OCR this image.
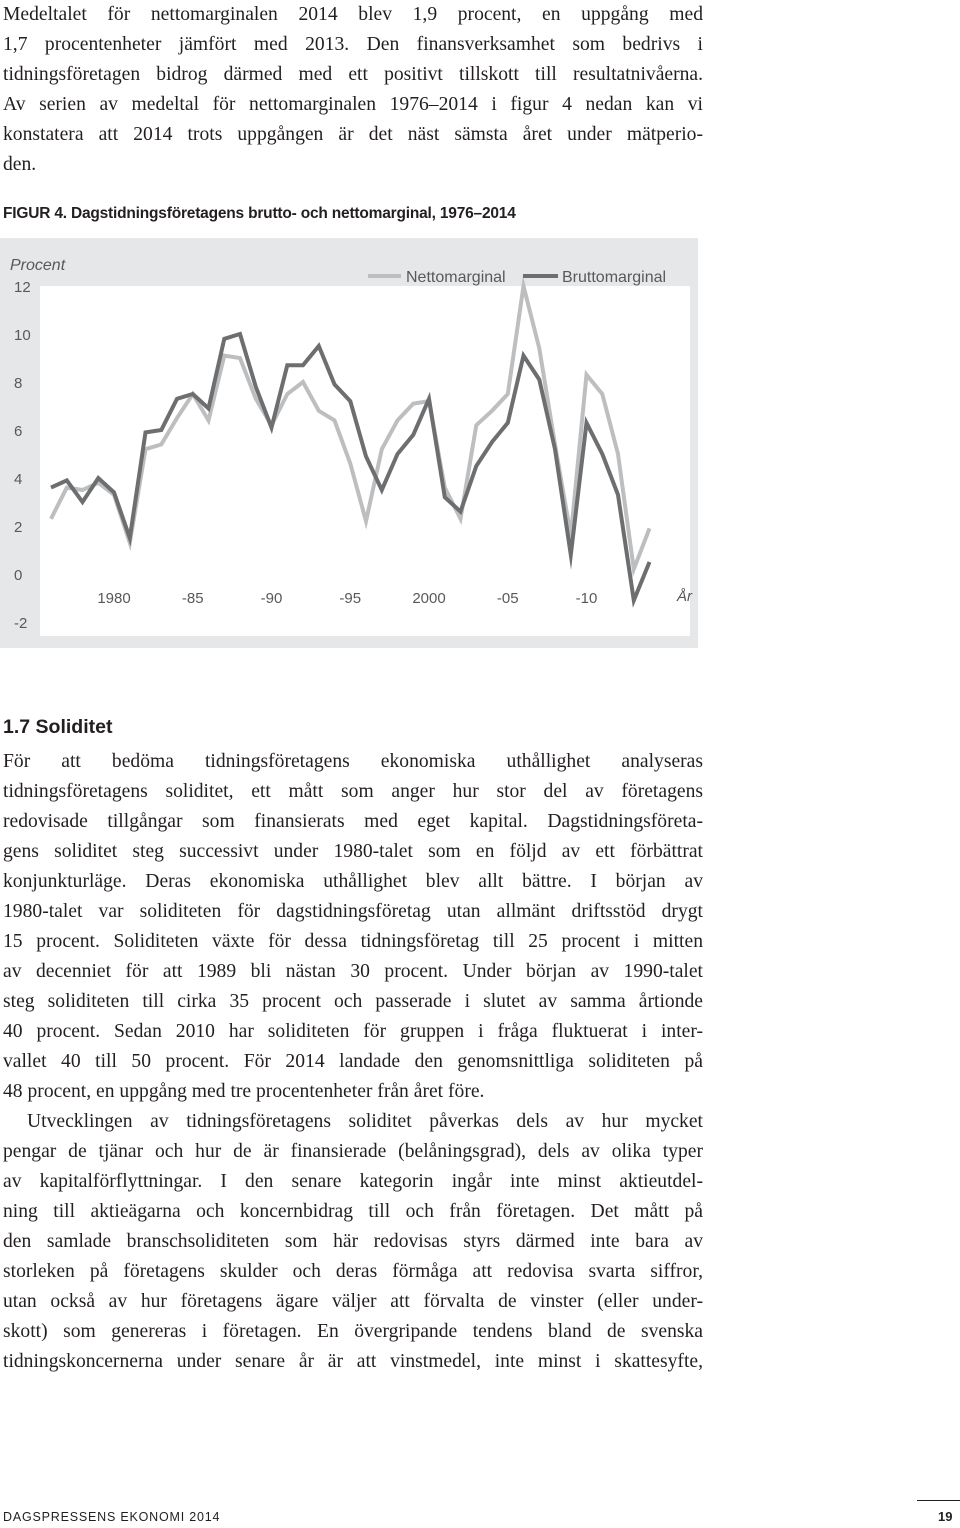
Medeltalet för nettomarginalen 2014 blev 1,9 procent, en uppgång med
1,7 procentenheter jämfört med 2013. Den finansverksamhet som bedrivs i
tidningsföretagen bidrog därmed med ett positivt tillskott till resultatnivåerna.
Av serien av medeltal för nettomarginalen 1976–2014 i figur 4 nedan kan vi
konstatera att 2014 trots uppgången är det näst sämsta året under mätperio-
den.

FIGUR 4. Dagstidningsföretagens brutto- och nettomarginal, 1976–2014

Procent
12
10
8
6
4
2
0
-2
1980	-85	-90	-95	2000	-05	-10	År
Nettomarginal	Bruttomarginal

1.7 Soliditet

För att bedöma tidningsföretagens ekonomiska uthållighet analyseras
tidningsföretagens soliditet, ett mått som anger hur stor del av företagens
redovisade tillgångar som finansierats med eget kapital. Dagstidningsföreta-
gens soliditet steg successivt under 1980-talet som en följd av ett förbättrat
konjunkturläge. Deras ekonomiska uthållighet blev allt bättre. I början av
1980-talet var soliditeten för dagstidningsföretag utan allmänt driftsstöd drygt
15 procent. Soliditeten växte för dessa tidningsföretag till 25 procent i mitten
av decenniet för att 1989 bli nästan 30 procent. Under början av 1990-talet
steg soliditeten till cirka 35 procent och passerade i slutet av samma årtionde
40 procent. Sedan 2010 har soliditeten för gruppen i fråga fluktuerat i inter-
vallet 40 till 50 procent. För 2014 landade den genomsnittliga soliditeten på
48 procent, en uppgång med tre procentenheter från året före.
Utvecklingen av tidningsföretagens soliditet påverkas dels av hur mycket
pengar de tjänar och hur de är finansierade (belåningsgrad), dels av olika typer
av kapitalförflyttningar. I den senare kategorin ingår inte minst aktieutdel-
ning till aktieägarna och koncernbidrag till och från företagen. Det mått på
den samlade branschsoliditeten som här redovisas styrs därmed inte bara av
storleken på företagens skulder och deras förmåga att redovisa svarta siffror,
utan också av hur företagens ägare väljer att förvalta de vinster (eller under-
skott) som genereras i företagen. En övergripande tendens bland de svenska
tidningskoncernerna under senare år är att vinstmedel, inte minst i skattesyfte,
DAGSPRESSENS EKONOMI 2014	19
